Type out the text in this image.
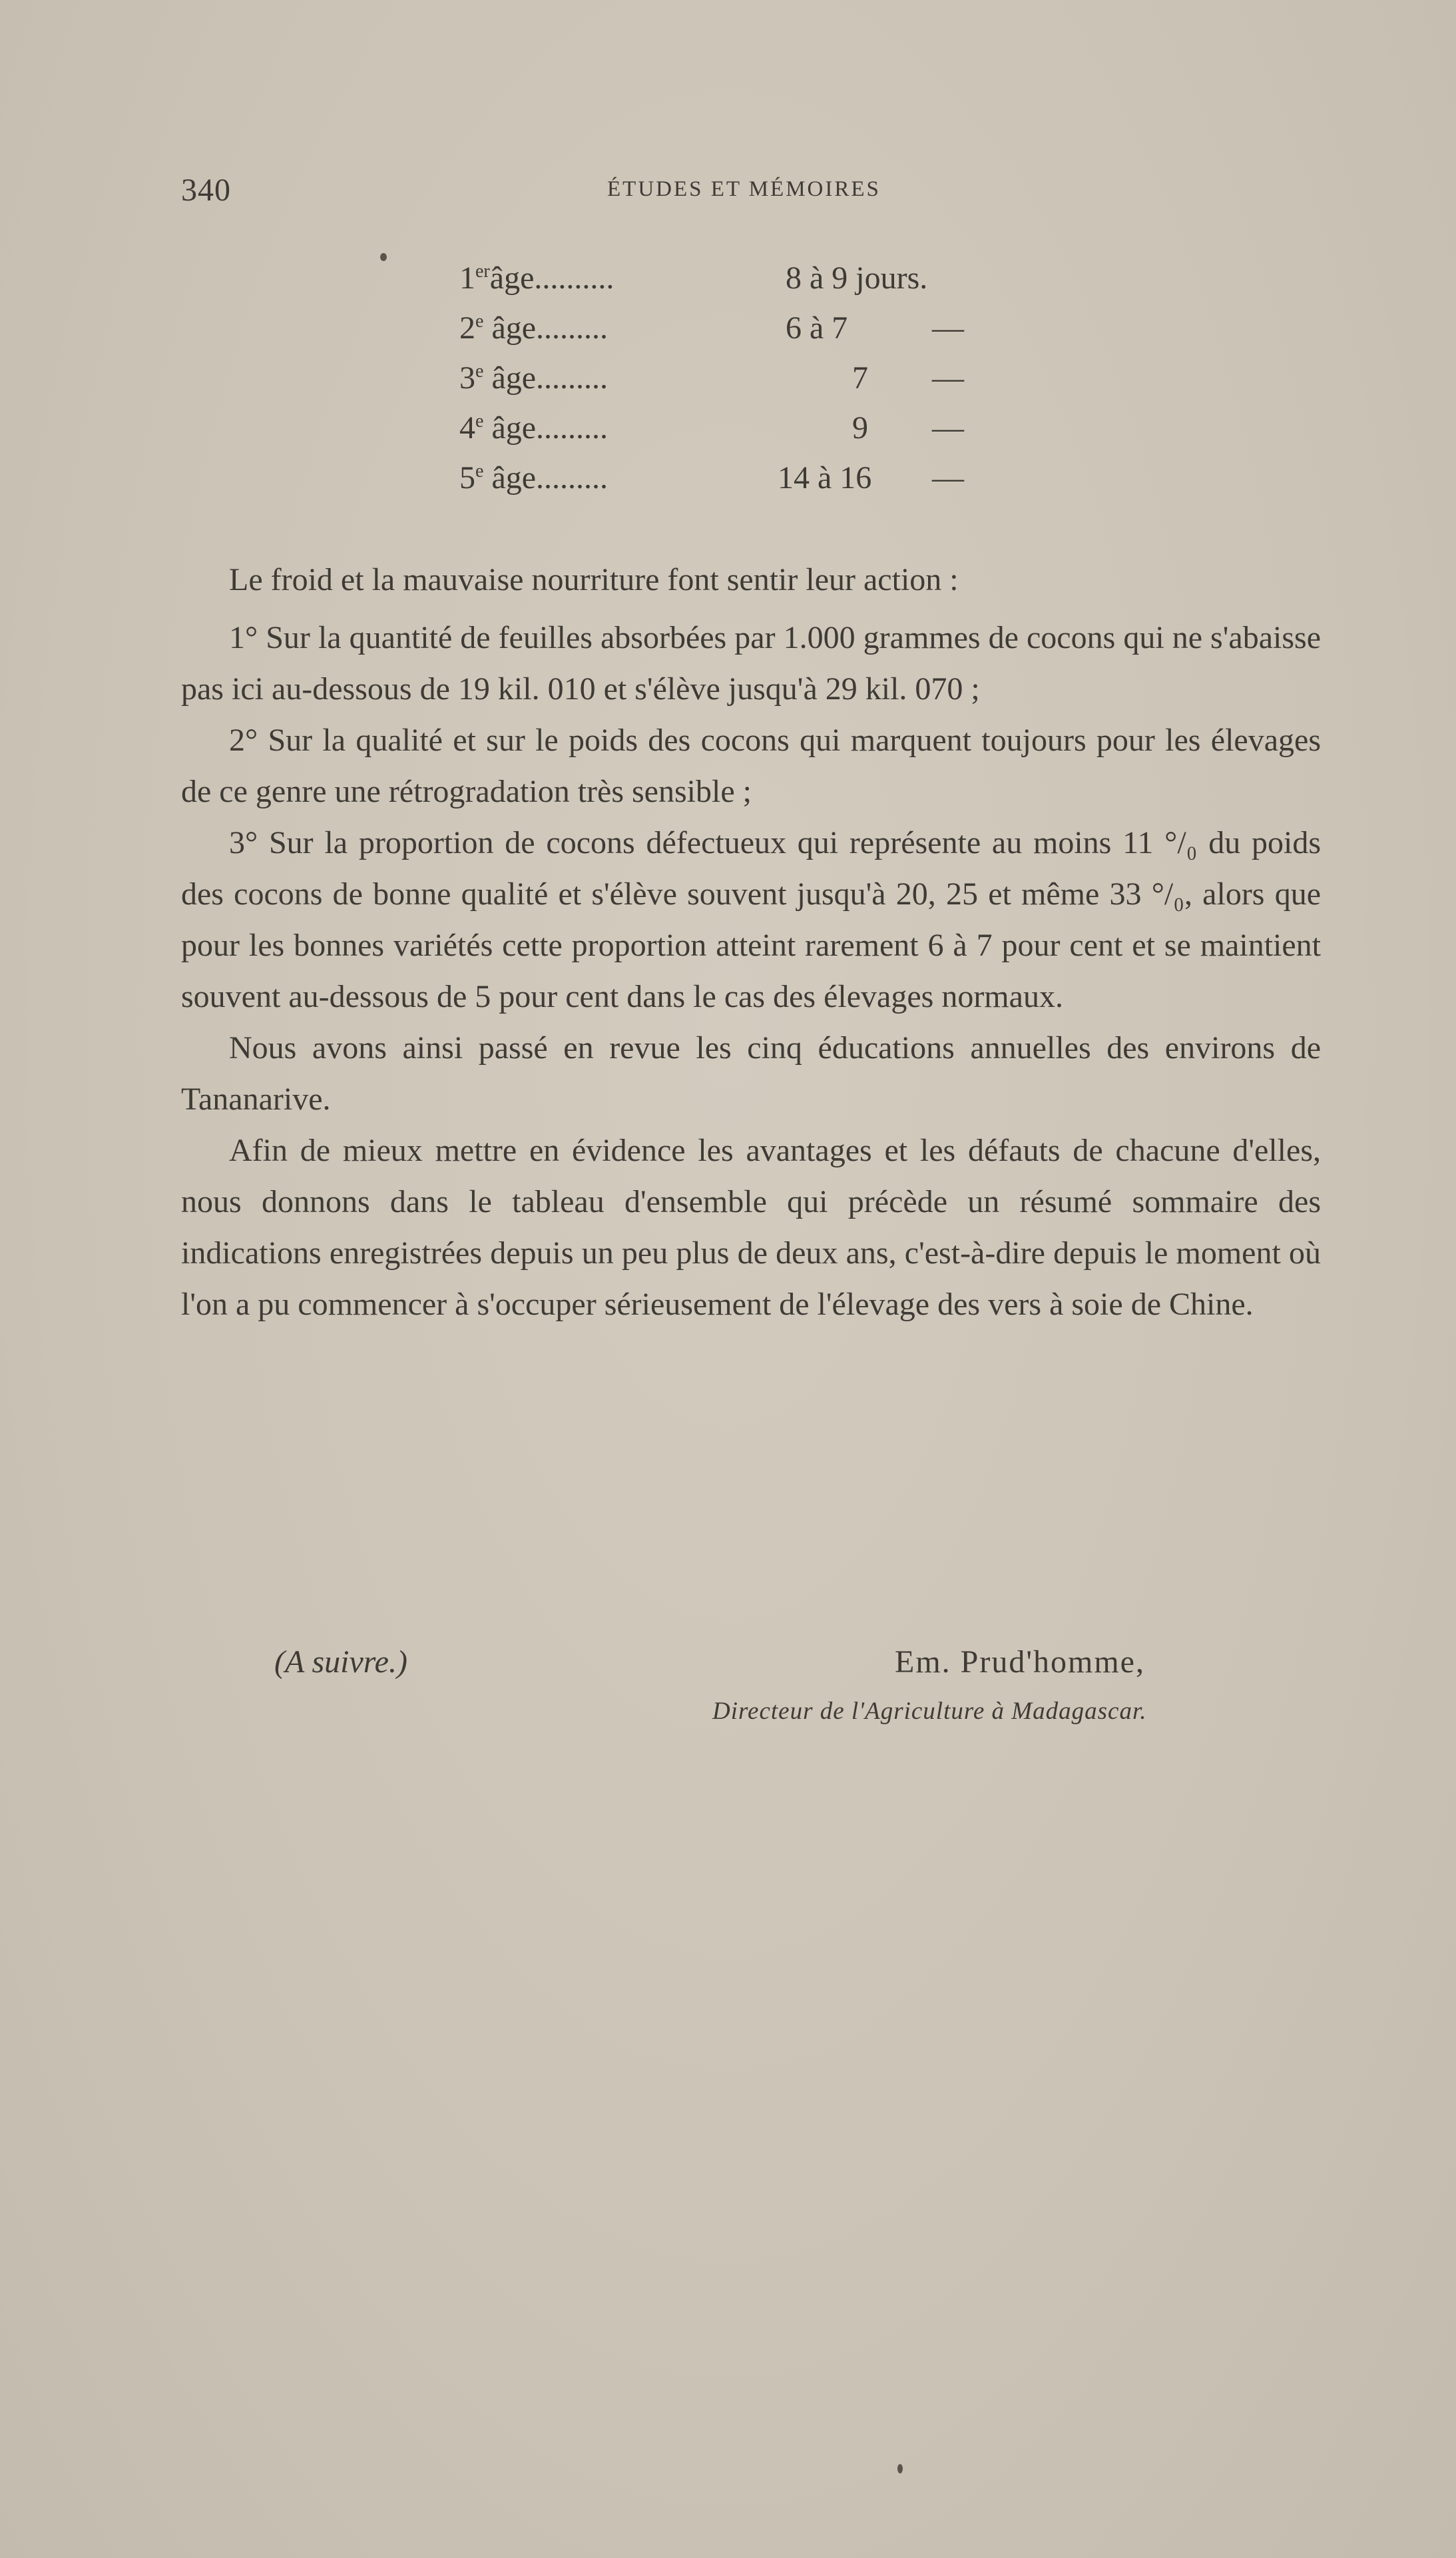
340	ÉTUDES ET MÉMOIRES
1erâge..........	8 à 9 jours.
2e âge.........	6 à 7	—
3e âge.........	7 —
4e âge.........	9 —
5e âge.........	14 à 16 —

Le froid et la mauvaise nourriture font sentir leur action :

1° Sur la quantité de feuilles absorbées par 1.000 grammes de cocons qui ne s'abaisse pas ici au-dessous de 19 kil. 010 et s'élève jusqu'à 29 kil. 070 ;

2° Sur la qualité et sur le poids des cocons qui marquent toujours pour les élevages de ce genre une rétrogradation très sensible ;

3° Sur la proportion de cocons défectueux qui représente au moins 11 °/₀ du poids des cocons de bonne qualité et s'élève souvent jusqu'à 20, 25 et même 33 °/₀, alors que pour les bonnes variétés cette proportion atteint rarement 6 à 7 pour cent et se maintient souvent au-dessous de 5 pour cent dans le cas des élevages normaux.

Nous avons ainsi passé en revue les cinq éducations annuelles des environs de Tananarive.

Afin de mieux mettre en évidence les avantages et les défauts de chacune d'elles, nous donnons dans le tableau d'ensemble qui précède un résumé sommaire des indications enregistrées depuis un peu plus de deux ans, c'est-à-dire depuis le moment où l'on a pu commencer à s'occuper sérieusement de l'élevage des vers à soie de Chine.

(A suivre.)	Em. Prud'homme,
Directeur de l'Agriculture à Madagascar.
